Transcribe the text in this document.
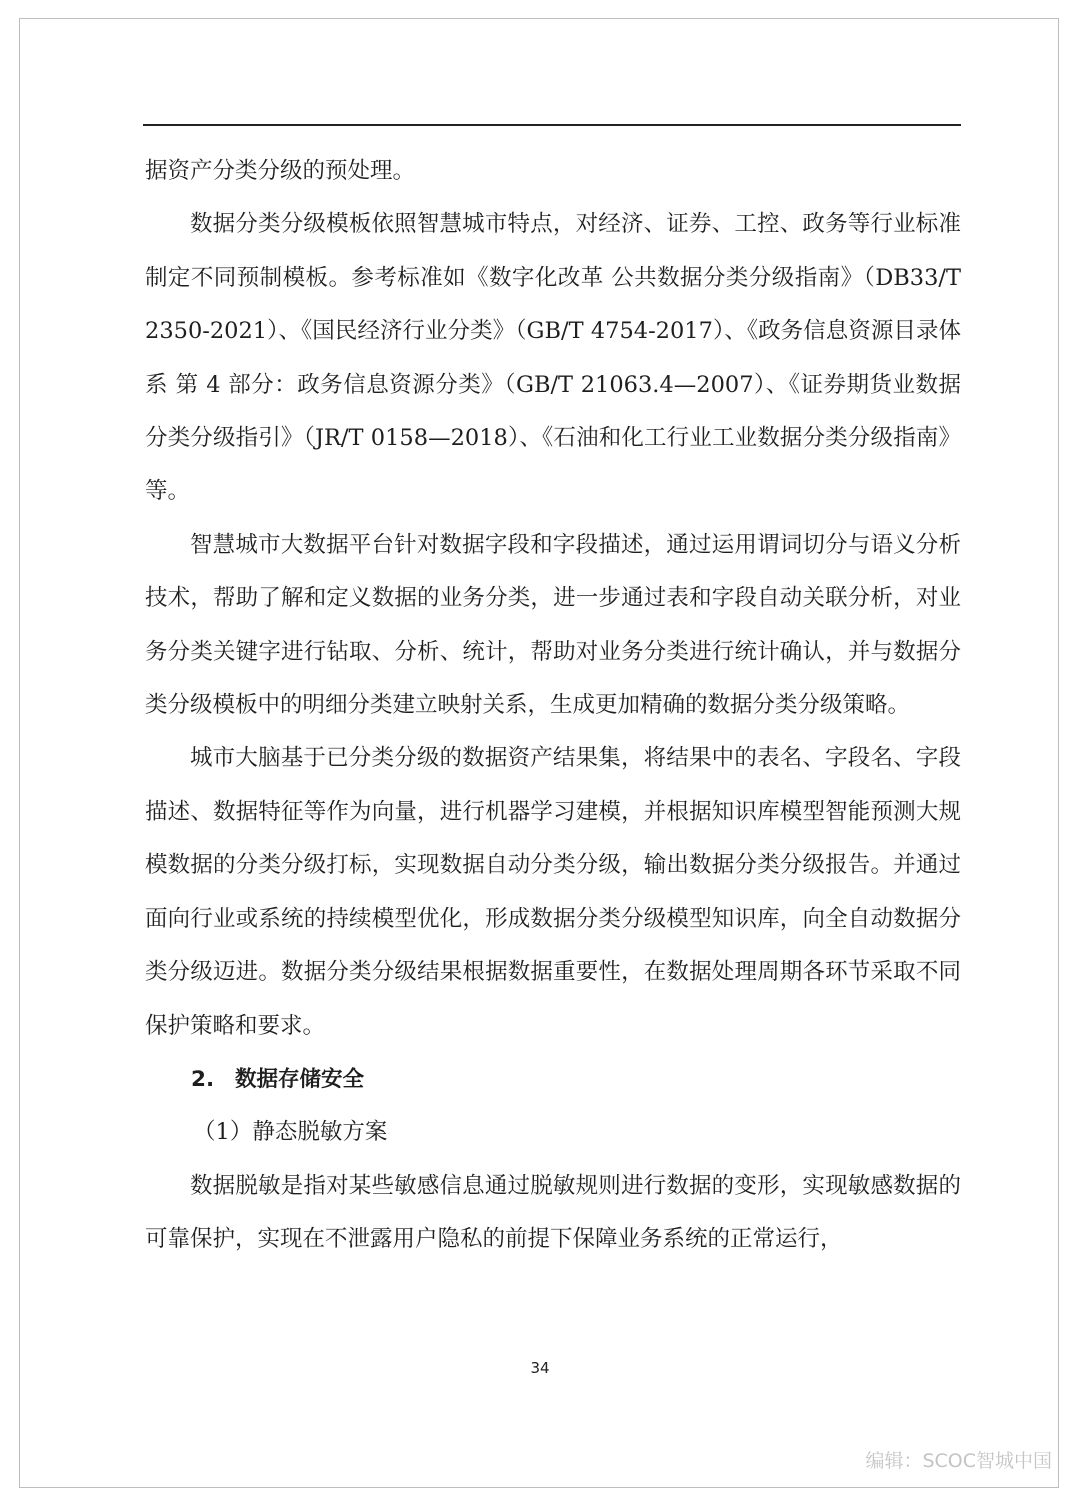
据资产分类分级的预处理。

数据分类分级模板依照智慧城市特点，对经济、证券、工控、政务等行业标准制定不同预制模板。参考标准如《数字化改革 公共数据分类分级指南》（DB33/T 2350-2021）、《国民经济行业分类》（GB/T 4754-2017）、《政务信息资源目录体系 第 4 部分：政务信息资源分类》（GB/T 21063.4—2007）、《证券期货业数据分类分级指引》（JR/T 0158—2018）、《石油和化工行业工业数据分类分级指南》等。

智慧城市大数据平台针对数据字段和字段描述，通过运用谓词切分与语义分析技术，帮助了解和定义数据的业务分类，进一步通过表和字段自动关联分析，对业务分类关键字进行钻取、分析、统计，帮助对业务分类进行统计确认，并与数据分类分级模板中的明细分类建立映射关系，生成更加精确的数据分类分级策略。

城市大脑基于已分类分级的数据资产结果集，将结果中的表名、字段名、字段描述、数据特征等作为向量，进行机器学习建模，并根据知识库模型智能预测大规模数据的分类分级打标，实现数据自动分类分级，输出数据分类分级报告。并通过面向行业或系统的持续模型优化，形成数据分类分级模型知识库，向全自动数据分类分级迈进。数据分类分级结果根据数据重要性，在数据处理周期各环节采取不同保护策略和要求。

2. 数据存储安全

（1）静态脱敏方案

数据脱敏是指对某些敏感信息通过脱敏规则进行数据的变形，实现敏感数据的可靠保护，实现在不泄露用户隐私的前提下保障业务系统的正常运行，

34
编辑：SCOC智城中国
